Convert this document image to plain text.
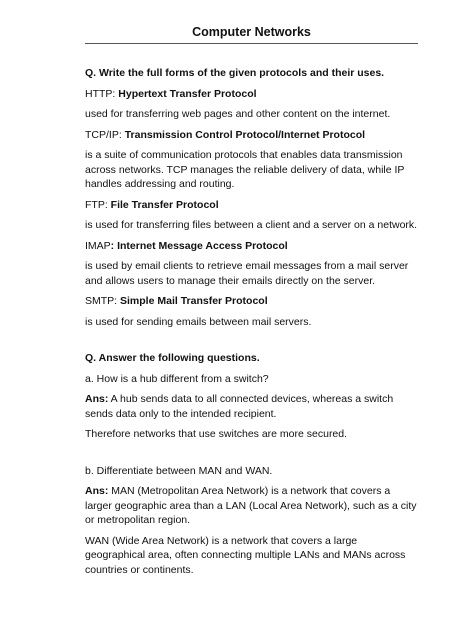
Computer Networks

Q. Write the full forms of the given protocols and their uses.

HTTP: Hypertext Transfer Protocol

used for transferring web pages and other content on the internet.

TCP/IP: Transmission Control Protocol/Internet Protocol

is a suite of communication protocols that enables data transmission across networks. TCP manages the reliable delivery of data, while IP handles addressing and routing.

FTP: File Transfer Protocol

is used for transferring files between a client and a server on a network.

IMAP: Internet Message Access Protocol

is used by email clients to retrieve email messages from a mail server and allows users to manage their emails directly on the server.

SMTP: Simple Mail Transfer Protocol

is used for sending emails between mail servers.

Q. Answer the following questions.

a. How is a hub different from a switch?

Ans: A hub sends data to all connected devices, whereas a switch sends data only to the intended recipient.

Therefore networks that use switches are more secured.

b. Differentiate between MAN and WAN.

Ans: MAN (Metropolitan Area Network) is a network that covers a larger geographic area than a LAN (Local Area Network), such as a city or metropolitan region.

WAN (Wide Area Network) is a network that covers a large geographical area, often connecting multiple LANs and MANs across countries or continents.
